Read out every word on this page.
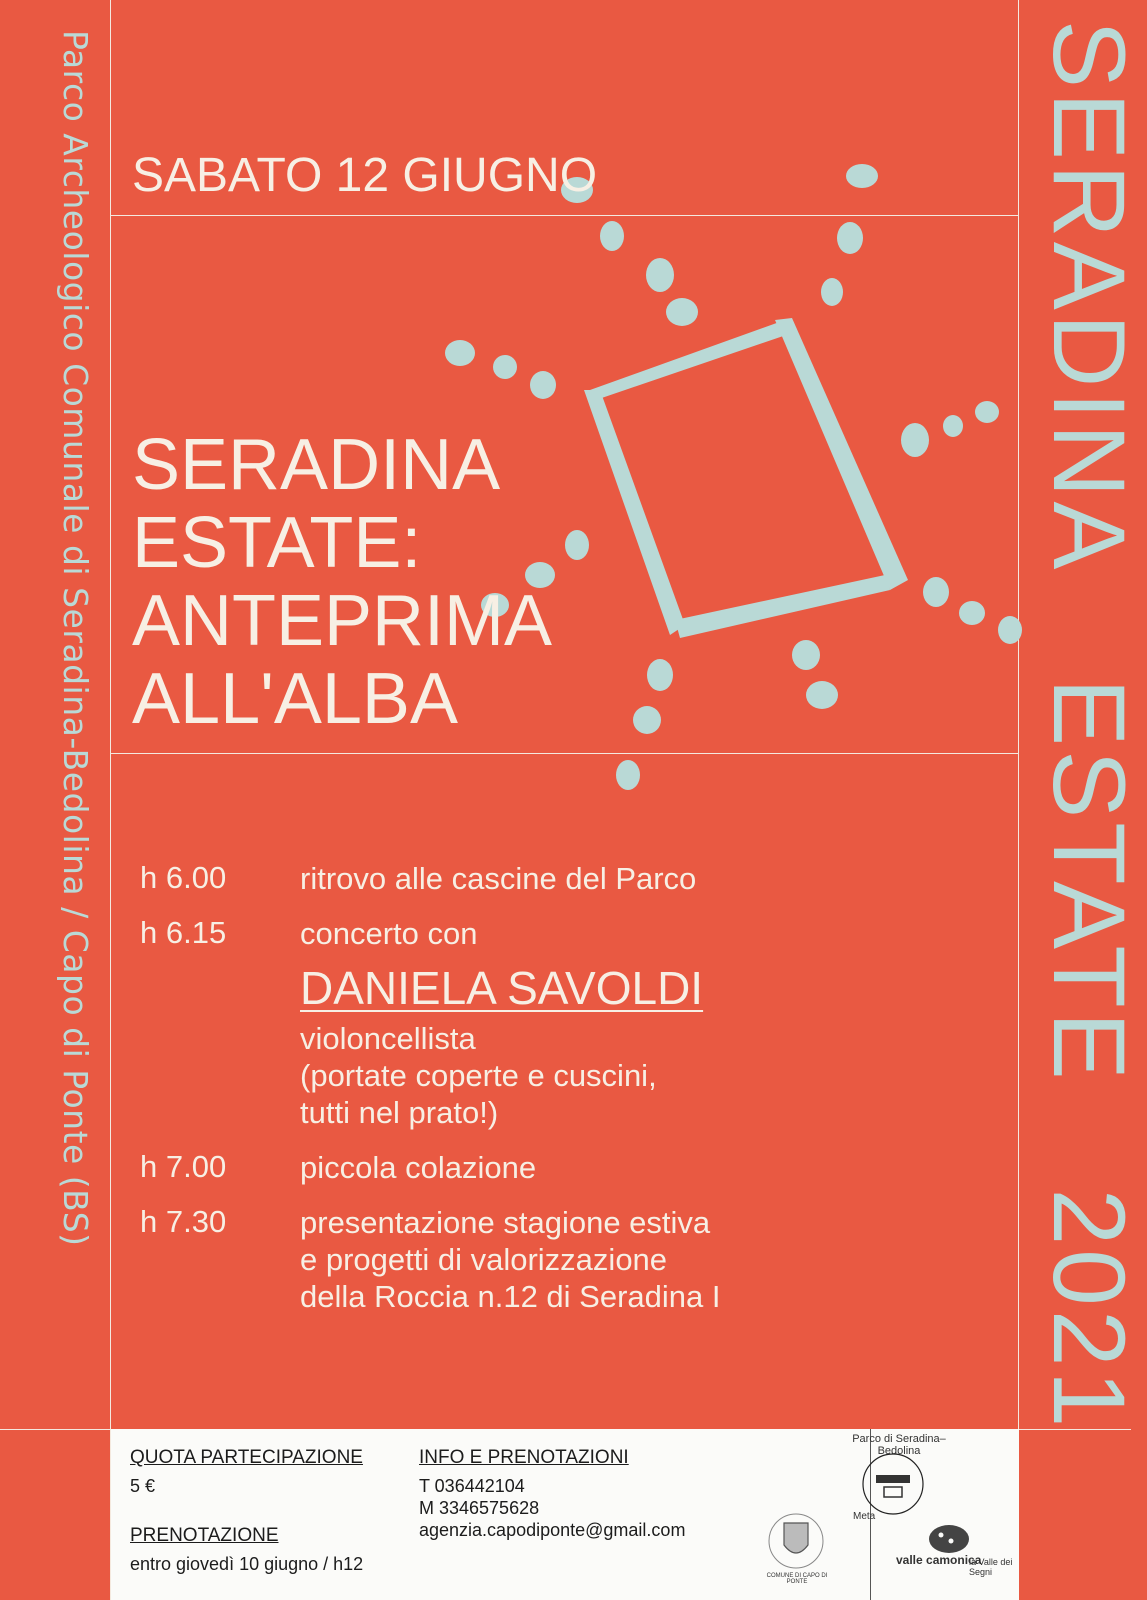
Parco Archeologico Comunale di Seradina-Bedolina / Capo di Ponte (BS)	SERADINA  ESTATE  2021
SABATO 12 GIUGNO
SERADINA
ESTATE:
ANTEPRIMA
ALL'ALBA
h 6.00	ritrovo alle cascine del Parco
h 6.15	concerto con
DANIELA SAVOLDI
violoncellista
(portate coperte e cuscini,
tutti nel prato!)
h 7.00	piccola colazione
h 7.30	presentazione stagione estiva
e progetti di valorizzazione
della Roccia n.12 di Seradina I
QUOTA PARTECIPAZIONE
5 €
PRENOTAZIONE
entro giovedì 10 giugno / h12
INFO E PRENOTAZIONI
T 036442104
M 3346575628
agenzia.capodiponte@gmail.com
Parco di Seradina–Bedolina
Meta
COMUNE DI CAPO DI PONTE
valle camonica
la Valle dei Segni
